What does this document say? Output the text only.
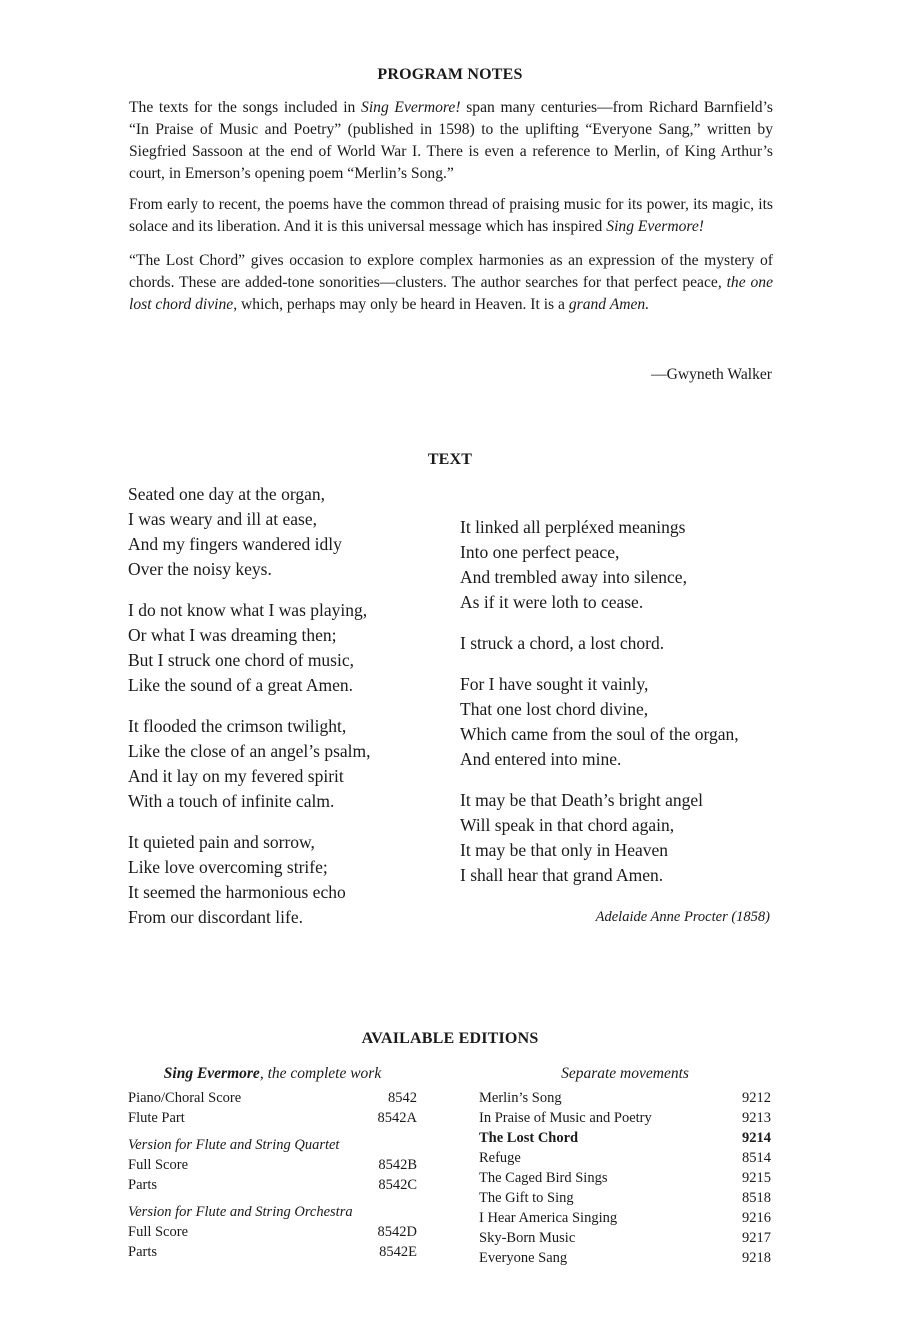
PROGRAM NOTES

The texts for the songs included in Sing Evermore! span many centuries—from Richard Barnfield’s “In Praise of Music and Poetry” (published in 1598) to the uplifting “Everyone Sang,” written by Siegfried Sassoon at the end of World War I. There is even a reference to Merlin, of King Arthur’s court, in Emerson’s opening poem “Merlin’s Song.”

From early to recent, the poems have the common thread of praising music for its power, its magic, its solace and its liberation. And it is this universal message which has inspired Sing Evermore!

“The Lost Chord” gives occasion to explore complex harmonies as an expression of the mystery of chords. These are added-tone sonorities—clusters. The author searches for that perfect peace, the one lost chord divine, which, perhaps may only be heard in Heaven. It is a grand Amen.

—Gwyneth Walker
TEXT
Seated one day at the organ,
I was weary and ill at ease,
And my fingers wandered idly
Over the noisy keys.
I do not know what I was playing,
Or what I was dreaming then;
But I struck one chord of music,
Like the sound of a great Amen.
It flooded the crimson twilight,
Like the close of an angel’s psalm,
And it lay on my fevered spirit
With a touch of infinite calm.
It quieted pain and sorrow,
Like love overcoming strife;
It seemed the harmonious echo
From our discordant life.
It linked all perpléxed meanings
Into one perfect peace,
And trembled away into silence,
As if it were loth to cease.
I struck a chord, a lost chord.
For I have sought it vainly,
That one lost chord divine,
Which came from the soul of the organ,
And entered into mine.
It may be that Death’s bright angel
Will speak in that chord again,
It may be that only in Heaven
I shall hear that grand Amen.
Adelaide Anne Procter (1858)
AVAILABLE EDITIONS
Sing Evermore, the complete work
Piano/Choral Score	8542
Flute Part	8542A
Version for Flute and String Quartet
Full Score	8542B
Parts	8542C
Version for Flute and String Orchestra
Full Score	8542D
Parts	8542E
Separate movements
Merlin’s Song	9212
In Praise of Music and Poetry	9213
The Lost Chord	9214
Refuge	8514
The Caged Bird Sings	9215
The Gift to Sing	8518
I Hear America Singing	9216
Sky-Born Music	9217
Everyone Sang	9218
